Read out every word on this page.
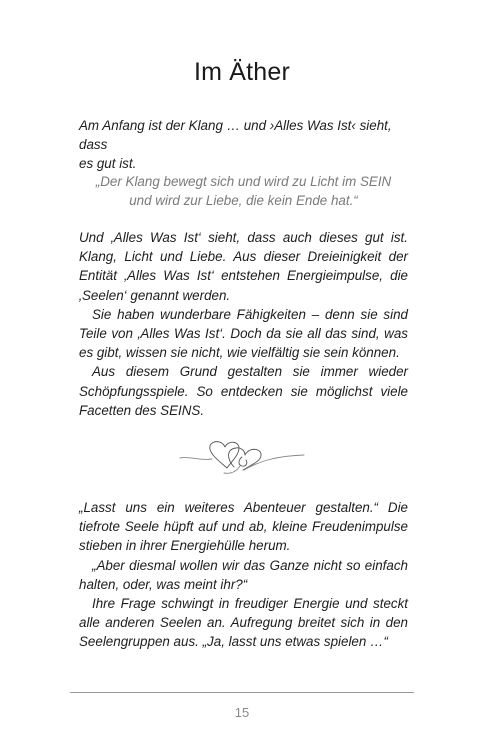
Im Äther

Am Anfang ist der Klang … und ›Alles Was Ist‹ sieht, dass
es gut ist.

„Der Klang bewegt sich und wird zu Licht im SEIN
und wird zur Liebe, die kein Ende hat.“

Und ‚Alles Was Ist‘ sieht, dass auch dieses gut ist. Klang, Licht und Liebe. Aus dieser Dreieinigkeit der Entität ‚Alles Was Ist‘ entstehen Energieimpulse, die ‚Seelen‘ genannt werden.

Sie haben wunderbare Fähigkeiten – denn sie sind Teile von ‚Alles Was Ist‘. Doch da sie all das sind, was es gibt, wissen sie nicht, wie vielfältig sie sein können.

Aus diesem Grund gestalten sie immer wieder Schöpfungsspiele. So entdecken sie möglichst viele Facetten des SEINS.

„Lasst uns ein weiteres Abenteuer gestalten.“ Die tiefrote Seele hüpft auf und ab, kleine Freudenimpulse stieben in ihrer Energiehülle herum.

„Aber diesmal wollen wir das Ganze nicht so einfach halten, oder, was meint ihr?“

Ihre Frage schwingt in freudiger Energie und steckt alle anderen Seelen an. Aufregung breitet sich in den Seelengruppen aus. „Ja, lasst uns etwas spielen …“

15
